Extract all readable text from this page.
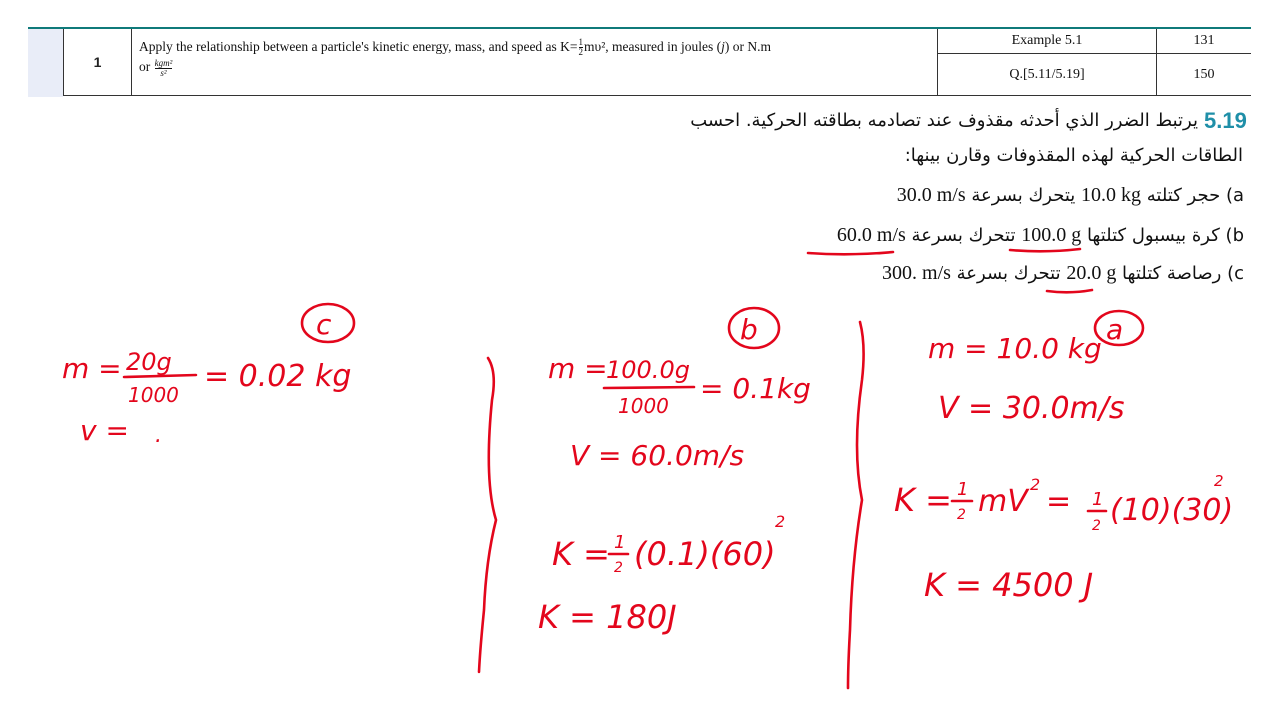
1
Apply the relationship between a particle's kinetic energy, mass, and speed as $K= \frac{1}{2} m\upsilon^2$, measured in joules (j) or N.m
or $\frac{\text{kgm²}}{\text{s²}}$
Example 5.1	131
Q.[5.11/5.19]	150
5.19
يرتبط الضرر الذي أحدثه مقذوف عند تصادمه بطاقته الحركية. احسب
الطاقات الحركية لهذه المقذوفات وقارن بينها:
a) حجر كتلته 10.0 kg يتحرك بسرعة 30.0 m/s
b) كرة بيسبول كتلتها 100.0 g تتحرك بسرعة 60.0 m/s
c) رصاصة كتلتها 20.0 g تتحرك بسرعة 300. m/s
c
m = 20g
1000
= 0.02 kg
v = .
b
m =
100.0g
1000
= 0.1kg
V = 60.0m/s
K = 1
2 (0.1)(60)
2
K = 180J
a
m = 10.0 kg
V = 30.0m/s
K = 1
2 mV 2 = 1
2 (10)(30)
2
K = 4500 J
